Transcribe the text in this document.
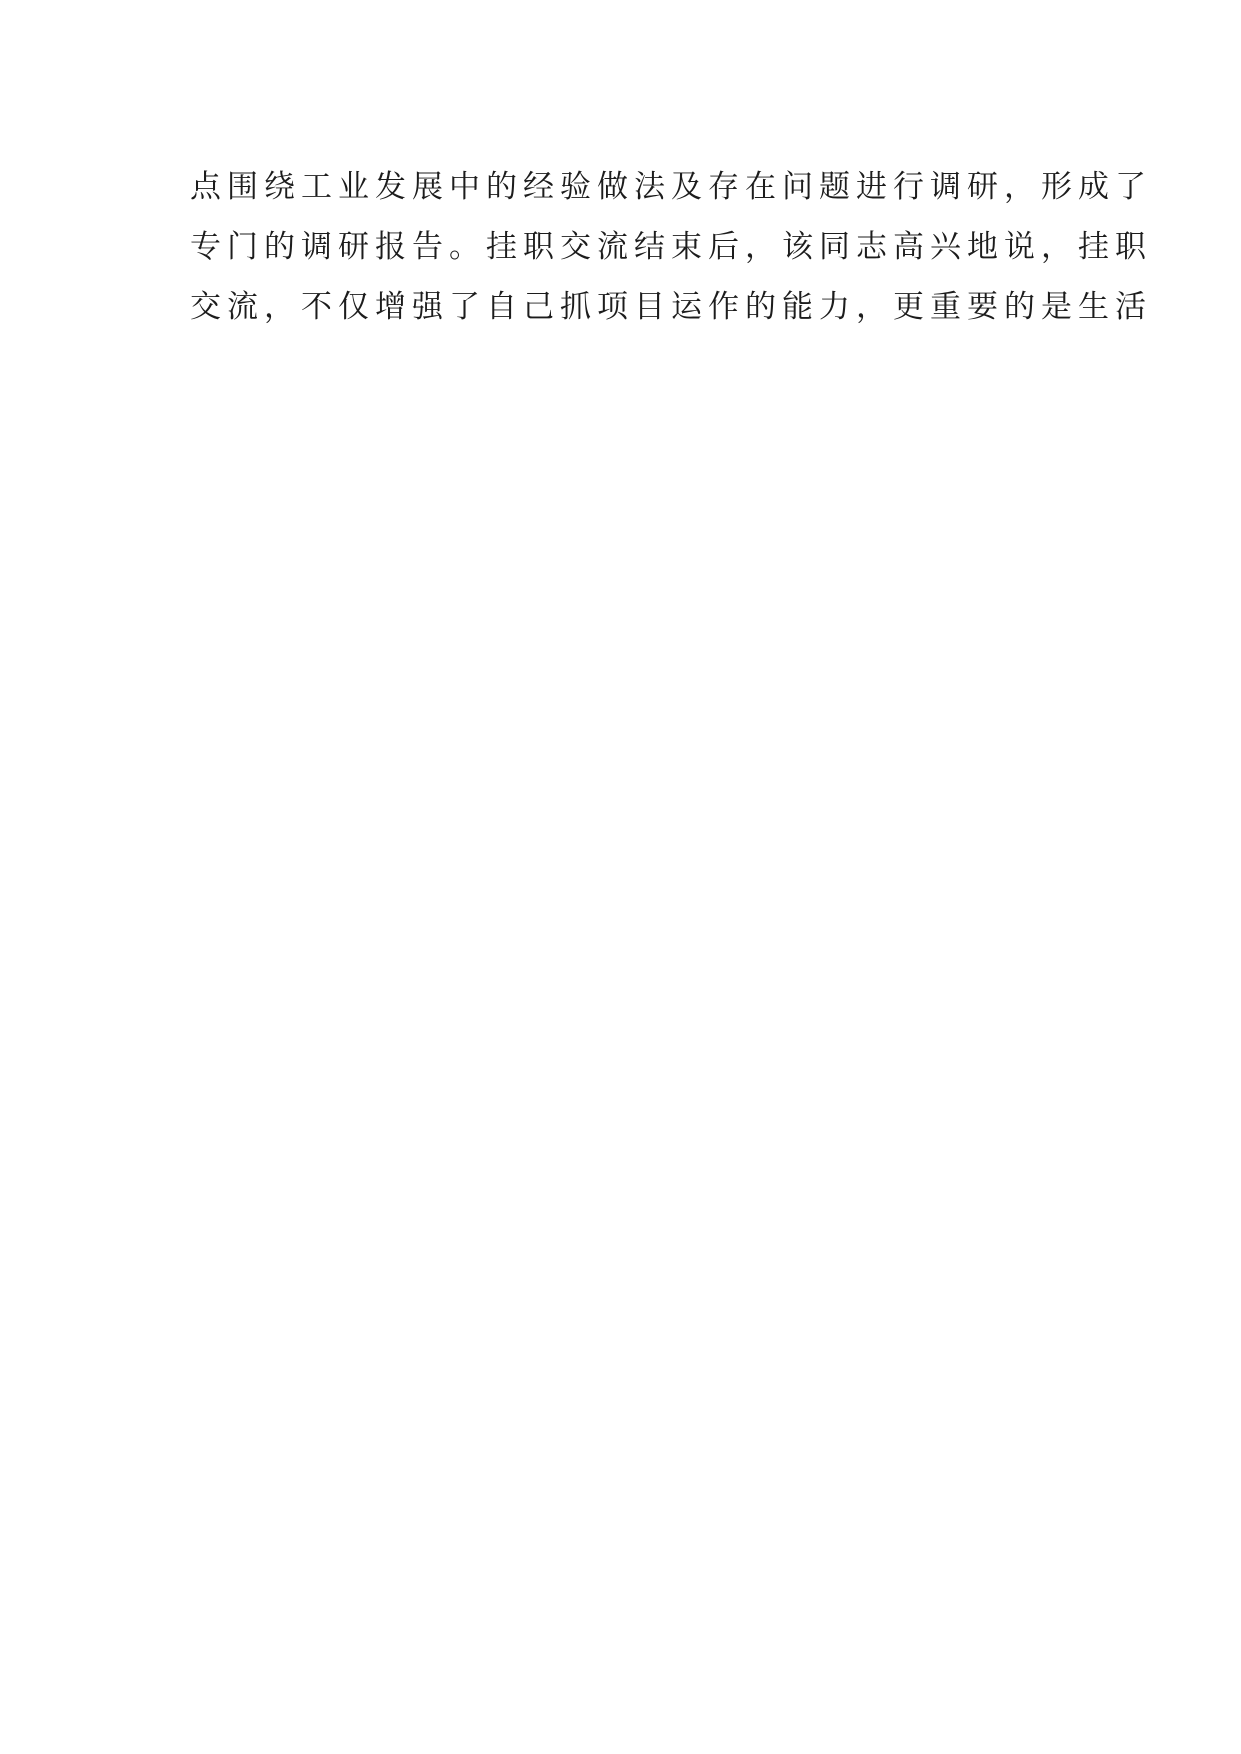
点围绕工业发展中的经验做法及存在问题进行调研，形成了
专门的调研报告。挂职交流结束后，该同志高兴地说，挂职
交流，不仅增强了自己抓项目运作的能力，更重要的是生活
